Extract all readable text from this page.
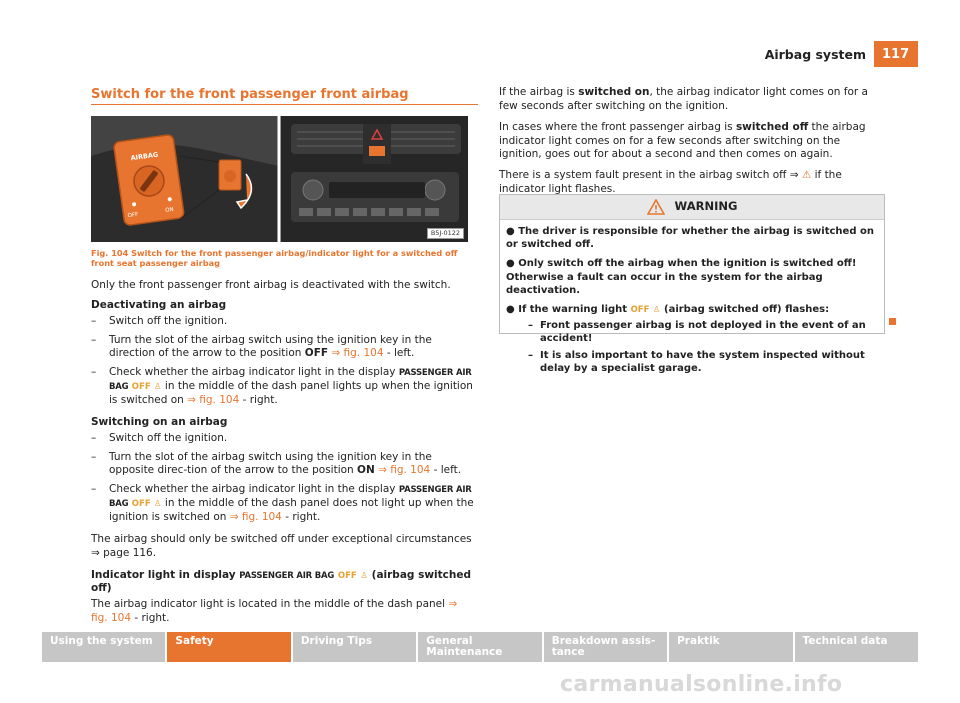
Airbag system	117
Switch for the front passenger front airbag
AIRBAG
OFF
ON
B5J-0122
Fig. 104 Switch for the front passenger airbag/indicator light for a switched off front seat passenger airbag

Only the front passenger front airbag is deactivated with the switch.

Deactivating an airbag
–	Switch off the ignition.
–	Turn the slot of the airbag switch using the ignition key in the direction of the arrow to the position OFF ⇒ fig. 104 - left.
–	Check whether the airbag indicator light in the display PASSENGER AIR BAG OFF ♙ in the middle of the dash panel lights up when the ignition is switched on ⇒ fig. 104 - right.
Switching on an airbag
–	Switch off the ignition.
–	Turn the slot of the airbag switch using the ignition key in the opposite direc-tion of the arrow to the position ON ⇒ fig. 104 - left.
–	Check whether the airbag indicator light in the display PASSENGER AIR BAG OFF ♙ in the middle of the dash panel does not light up when the ignition is switched on ⇒ fig. 104 - right.

The airbag should only be switched off under exceptional circumstances ⇒ page 116.

Indicator light in display PASSENGER AIR BAG OFF ♙ (airbag switched off)

The airbag indicator light is located in the middle of the dash panel ⇒ fig. 104 - right.

If the airbag is switched on, the airbag indicator light comes on for a few seconds after switching on the ignition.

In cases where the front passenger airbag is switched off the airbag indicator light comes on for a few seconds after switching on the ignition, goes out for about a second and then comes on again.

There is a system fault present in the airbag switch off ⇒ ⚠ if the indicator light flashes.

WARNING
● The driver is responsible for whether the airbag is switched on or switched off.
● Only switch off the airbag when the ignition is switched off! Otherwise a fault can occur in the system for the airbag deactivation.
● If the warning light OFF ♙ (airbag switched off) flashes:
– Front passenger airbag is not deployed in the event of an accident!
– It is also important to have the system inspected without delay by a specialist garage.
Using the system	Safety	Driving Tips	General Maintenance
Breakdown assis-tance
Praktik	Technical data
carmanualsonline.info
